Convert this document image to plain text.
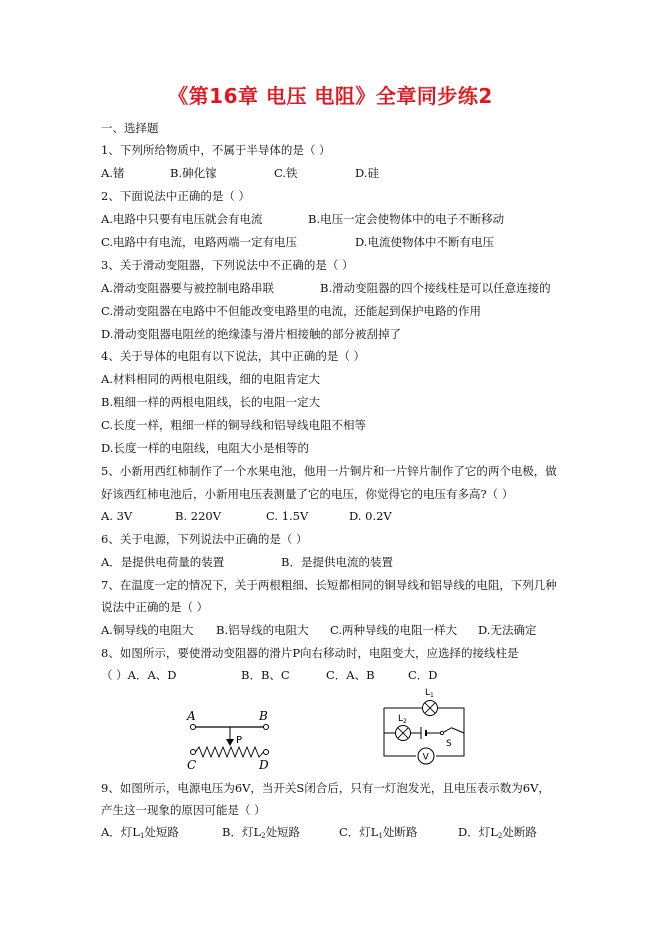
《第16章 电压 电阻》全章同步练2
一、选择题
1、下列所给物质中，不属于半导体的是（ ）
A.锗	B.砷化镓	C.铁	D.硅
2、下面说法中正确的是（ ）
A.电路中只要有电压就会有电流	B.电压一定会使物体中的电子不断移动
C.电路中有电流，电路两端一定有电压	D.电流使物体中不断有电压
3、关于滑动变阻器，下列说法中不正确的是（ ）
A.滑动变阻器要与被控制电路串联	B.滑动变阻器的四个接线柱是可以任意连接的
C.滑动变阻器在电路中不但能改变电路里的电流，还能起到保护电路的作用
D.滑动变阻器电阻丝的绝缘漆与滑片相接触的部分被刮掉了
4、关于导体的电阻有以下说法，其中正确的是（ ）
A.材料相同的两根电阻线，细的电阻肯定大
B.粗细一样的两根电阻线，长的电阻一定大
C.长度一样，粗细一样的铜导线和铝导线电阻不相等
D.长度一样的电阻线，电阻大小是相等的
5、小新用西红柿制作了一个水果电池，他用一片铜片和一片锌片制作了它的两个电极，做
好该西红柿电池后，小新用电压表测量了它的电压，你觉得它的电压有多高?（ ）
A. 3V	B. 220V	C. 1.5V	D. 0.2V
6、关于电源，下列说法中正确的是（ ）
A．是提供电荷量的装置	B．是提供电流的装置
7、在温度一定的情况下，关于两根粗细、长短都相同的铜导线和铝导线的电阻，下列几种
说法中正确的是（ ）
A.铜导线的电阻大 B.铝导线的电阻大 C.两种导线的电阻一样大 D.无法确定
8、如图所示，要使滑动变阻器的滑片P向右移动时，电阻变大，应选择的接线柱是
（ ）A．A、D	B．B、C	C．A、B	C．D
A	B
P
C	D
$L_1$
$L_2$
S
V
9、如图所示，电源电压为6V，当开关S闭合后，只有一灯泡发光，且电压表示数为6V，
产生这一现象的原因可能是（ ）
A．灯$L_1$处短路	B．灯$L_2$处短路	C．灯$L_1$处断路	D．灯$L_2$处断路
